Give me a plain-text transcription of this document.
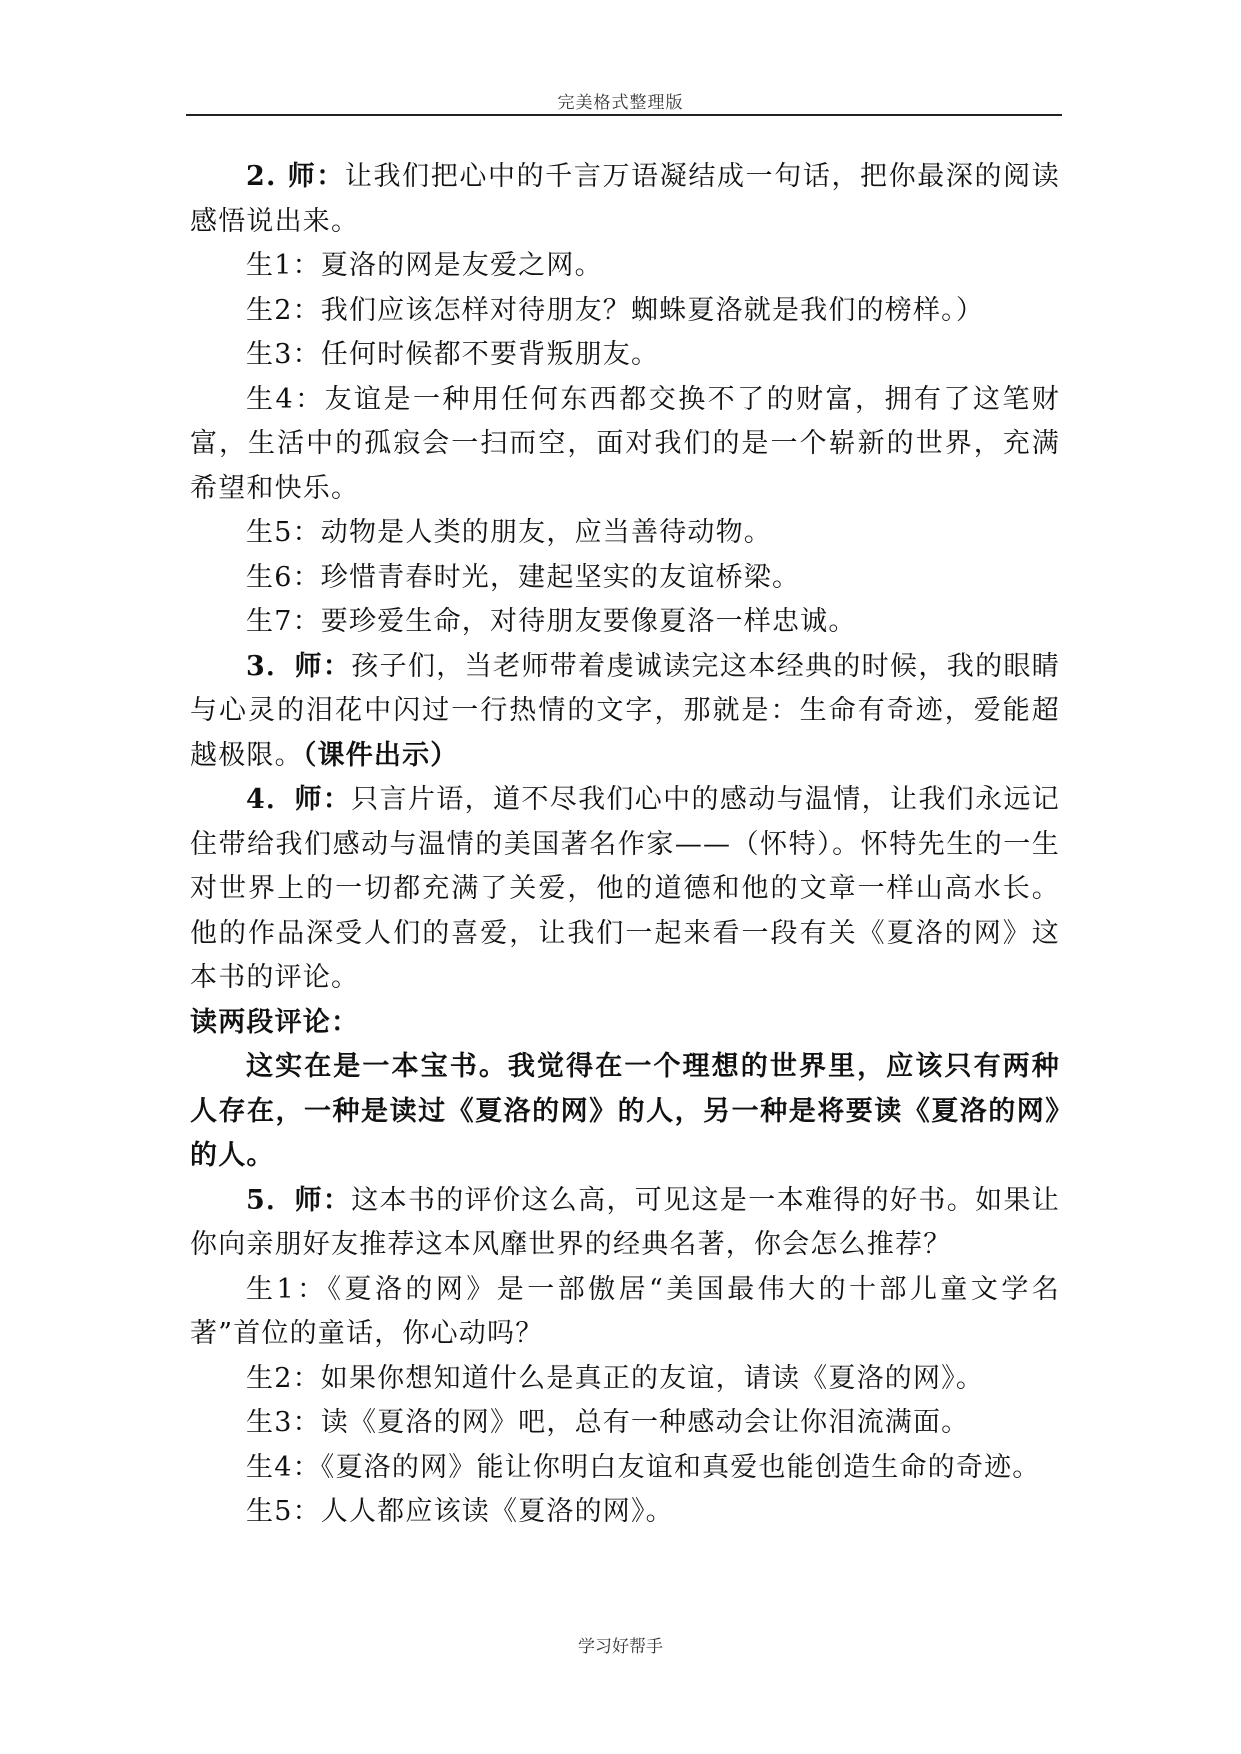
完美格式整理版

2. 师：让我们把心中的千言万语凝结成一句话，把你最深的阅读感悟说出来。

生1：夏洛的网是友爱之网。

生2：我们应该怎样对待朋友？蜘蛛夏洛就是我们的榜样。）

生3：任何时候都不要背叛朋友。

生4：友谊是一种用任何东西都交换不了的财富，拥有了这笔财富，生活中的孤寂会一扫而空，面对我们的是一个崭新的世界，充满希望和快乐。

生5：动物是人类的朋友，应当善待动物。

生6：珍惜青春时光，建起坚实的友谊桥梁。

生7：要珍爱生命，对待朋友要像夏洛一样忠诚。

3．师：孩子们，当老师带着虔诚读完这本经典的时候，我的眼睛与心灵的泪花中闪过一行热情的文字，那就是：生命有奇迹，爱能超越极限。（课件出示）

4．师：只言片语，道不尽我们心中的感动与温情，让我们永远记住带给我们感动与温情的美国著名作家——（怀特）。怀特先生的一生对世界上的一切都充满了关爱，他的道德和他的文章一样山高水长。他的作品深受人们的喜爱，让我们一起来看一段有关《夏洛的网》这本书的评论。

读两段评论：

这实在是一本宝书。我觉得在一个理想的世界里，应该只有两种人存在，一种是读过《夏洛的网》的人，另一种是将要读《夏洛的网》的人。

5．师：这本书的评价这么高，可见这是一本难得的好书。如果让你向亲朋好友推荐这本风靡世界的经典名著，你会怎么推荐？

生1：《夏洛的网》是一部傲居“美国最伟大的十部儿童文学名著”首位的童话，你心动吗？

生2：如果你想知道什么是真正的友谊，请读《夏洛的网》。

生3：读《夏洛的网》吧，总有一种感动会让你泪流满面。

生4：《夏洛的网》能让你明白友谊和真爱也能创造生命的奇迹。

生5：人人都应该读《夏洛的网》。

学习好帮手
